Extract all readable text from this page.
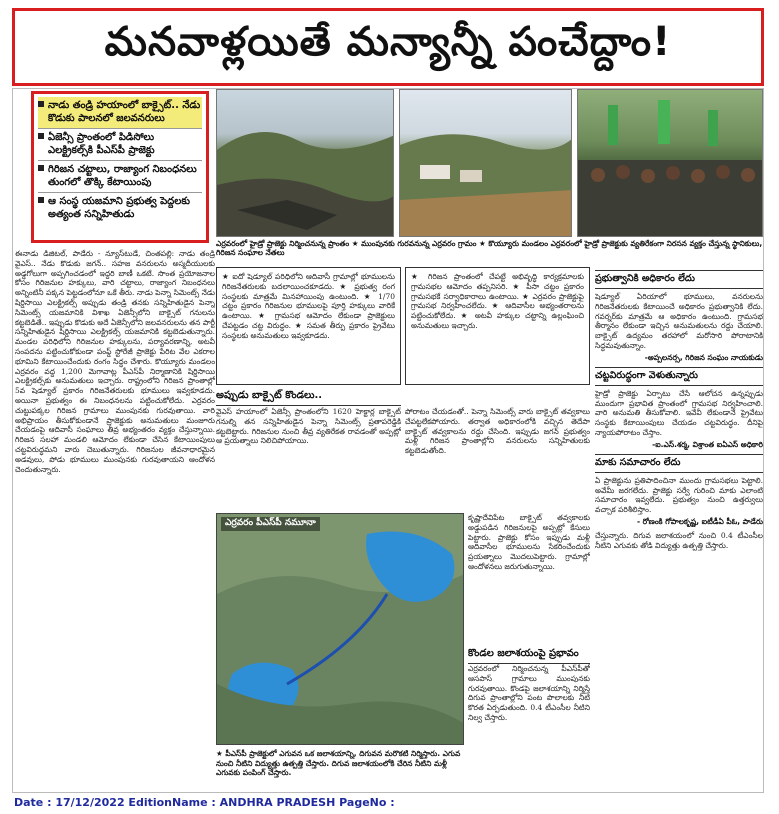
మనవాళ్లయితే మన్యాన్నీ పంచేద్దాం!
నాడు తండ్రి హయాంలో బాక్సైట్.. నేడు కొడుకు పాలనలో జలవనరులు
ఏజెన్సీ ప్రాంతంలో పిడిసోలు ఎలక్ట్రికల్స్‌కి పీఎస్‌పీ ప్రాజెక్టు
గిరిజన చట్టాలు, రాజ్యాంగ నిబంధనలు తుంగలో తొక్కి కేటాయింపు
ఆ సంస్థ యజమాని ప్రభుత్వ పెద్దలకు అత్యంత సన్నిహితుడు

ఈనాడు డిజిటల్, పాడేరు - న్యూస్‌టుడే, చింతపల్లి: నాడు తండ్రి వైఎస్‌.. నేడు కొడుకు జగన్‌.. సహజ వనరులను అస్మదీయులకు అడ్డగోలుగా అప్పగించడంలో ఇద్దరి బాణీ ఒకటే. సొంత ప్రయోజనాల కోసం గిరిజనుల హక్కులు, వారి చట్టాలు, రాజ్యాంగ నిబంధనలు అన్నింటినీ పక్కన పెట్టడంలోనూ ఒకే తీరు. నాడు పెన్నా సిమెంట్స్‌ నేడు షిర్డిసాయి ఎలక్ట్రికల్స్‌ అప్పుడు తండ్రి తనకు సన్నిహితుడైన పెన్నా సిమెంట్స్‌ యజమానికి విశాఖ ఏజెన్సీలోని బాక్సైట్ గనులను కట్టబెడితే.. ఇప్పుడు కొడుకు అదే ఏజెన్సీలోని జలవనరులను తన పార్టీ సన్నిహితుడైన షిర్డిసాయి ఎలక్ట్రికల్స్‌ యజమానికి కట్టబెడుతున్నారు. మండల పరిధిలోని గిరిజనుల హక్కులను, పర్యావరణాన్ని, అటవీ సంపదను పట్టించుకోకుండా పంప్డ్ స్టోరేజీ ప్రాజెక్టు పేరిట వేల ఎకరాల భూమిని కేటాయించేందుకు రంగం సిద్ధం చేశారు. కొయ్యూరు మండలం ఎర్రవరం వద్ద 1,200 మెగావాట్ల పీఎస్‌పీ నిర్మాణానికి షిర్డిసాయి ఎలక్ట్రికల్స్‌కు అనుమతులు ఇచ్చారు. రాష్ట్రంలోని గిరిజన ప్రాంతాల్లో 5వ షెడ్యూల్ ప్రకారం గిరిజనేతరులకు భూములు ఇవ్వకూడదు. అయినా ప్రభుత్వం ఈ నిబంధనలను పట్టించుకోలేదు. ఎర్రవరం చుట్టుపక్కల గిరిజన గ్రామాలు ముంపునకు గురవుతాయి. వారి అభిప్రాయం తీసుకోకుండానే ప్రాజెక్టుకు అనుమతులు మంజూరు చేయడంపై ఆదివాసీ సంఘాలు తీవ్ర అభ్యంతరం వ్యక్తం చేస్తున్నాయి. గిరిజన సలహా మండలి ఆమోదం లేకుండా చేసిన కేటాయింపులు చట్టవిరుద్ధమని వారు చెబుతున్నారు. గిరిజనుల జీవనాధారమైన అడవులు, పోడు భూములు ముంపునకు గురవుతాయని ఆందోళన చెందుతున్నారు.

ఎర్రవరంలో హైడ్రో ప్రాజెక్టు నిర్మించనున్న ప్రాంతం ★ ముంపునకు గురవనున్న ఎర్రవరం గ్రామం ★ కొయ్యూరు మండలం ఎర్రవరంలో హైడ్రో ప్రాజెక్టుకు వ్యతిరేకంగా నిరసన వ్యక్తం చేస్తున్న స్థానికులు, గిరిజన సంఘాల నేతలు

★ ఐదో షెడ్యూల్ పరిధిలోని ఆదివాసీ గ్రామాల్లో భూములను గిరిజనేతరులకు బదలాయించకూడదు. ★ ప్రభుత్వ రంగ సంస్థలకు మాత్రమే మినహాయింపు ఉంటుంది. ★ 1/70 చట్టం ప్రకారం గిరిజనుల భూములపై పూర్తి హక్కులు వారికే ఉంటాయి. ★ గ్రామసభ ఆమోదం లేకుండా ప్రాజెక్టులు చేపట్టడం చట్ట విరుద్ధం. ★ సమత తీర్పు ప్రకారం ప్రైవేటు సంస్థలకు అనుమతులు ఇవ్వకూడదు.

★ గిరిజన ప్రాంతంలో చేపట్టే అభివృద్ధి కార్యక్రమాలకు గ్రామసభల ఆమోదం తప్పనిసరి. ★ పీసా చట్టం ప్రకారం గ్రామసభకే సర్వాధికారాలు ఉంటాయి. ★ ఎర్రవరం ప్రాజెక్టుపై గ్రామసభ నిర్వహించలేదు. ★ ఆదివాసీల అభ్యంతరాలను పట్టించుకోలేదు. ★ అటవీ హక్కుల చట్టాన్ని ఉల్లంఘించి అనుమతులు ఇచ్చారు.

అప్పుడు బాక్సైట్ కొండలు..

వైఎస్‌ హయాంలో ఏజెన్సీ ప్రాంతంలోని 1620 హెక్టార్ల బాక్సైట్ గనుల్ని తన సన్నిహితుడైన పెన్నా సిమెంట్స్‌ ప్రతాపరెడ్డికి కట్టబెట్టారు. గిరిజనుల నుంచి తీవ్ర వ్యతిరేకత రావడంతో అప్పట్లో ఆ ప్రయత్నాలు నిలిచిపోయాయి.

పోరాటం చేయడంతో.. పెన్నా సిమెంట్స్‌ వారు బాక్సైట్ తవ్వకాలు చేపట్టలేకపోయారు. తర్వాత అధికారంలోకి వచ్చిన తెదేపా బాక్సైట్ తవ్వకాలను రద్దు చేసింది. ఇప్పుడు జగన్‌ ప్రభుత్వం మళ్లీ గిరిజన ప్రాంతాల్లోని వనరులను సన్నిహితులకు కట్టబెడుతోంది.

ఎర్రవరం పీఎస్‌పీ నమూనా
★ పీఎస్‌పీ ప్రాజెక్టులో ఎగువన ఒక జలాశయాన్ని, దిగువన మరొకటి నిర్మిస్తారు. ఎగువ నుంచి నీటిని విద్యుత్తు ఉత్పత్తి చేస్తారు. దిగువ జలాశయంలోకి చేరిన నీటిని మళ్లీ ఎగువకు పంపింగ్ చేస్తారు.

కృష్ణాదేవిపేట బాక్సైట్ తవ్వకాలకు అడ్డుపడిన గిరిజనులపై అప్పట్లో కేసులు పెట్టారు. ప్రాజెక్టు కోసం ఇప్పుడు మళ్లీ ఆదివాసీల భూములను సేకరించేందుకు ప్రయత్నాలు మొదలుపెట్టారు. గ్రామాల్లో ఆందోళనలు జరుగుతున్నాయి.

కొండల జలాశయంపై ప్రభావం

ఎర్రవరంలో నిర్మించనున్న పీఎస్‌పీతో ఆసపాస్ గ్రామాలు ముంపునకు గురవుతాయి. కొండపై జలాశయాన్ని నిర్మిస్తే దిగువ ప్రాంతాల్లోని పంట పొలాలకు నీటి కొరత ఏర్పడుతుంది. 0.4 టీఎంసీల నీటిని నిల్వ చేస్తారు.

ప్రభుత్వానికి అధికారం లేదు

షెడ్యూల్ ఏరియాలో భూములు, వనరులను గిరిజనేతరులకు కేటాయించే అధికారం ప్రభుత్వానికి లేదు. గవర్నర్‌కు మాత్రమే ఆ అధికారం ఉంటుంది. గ్రామసభ తీర్మానం లేకుండా ఇచ్చిన అనుమతులను రద్దు చేయాలి. బాక్సైట్ ఉద్యమం తరహాలో మరోసారి పోరాటానికి సిద్ధమవుతున్నాం.

-అప్పలనర్స, గిరిజన సంఘం నాయకుడు
చట్టవిరుద్ధంగా వెళుతున్నారు

హైడ్రో ప్రాజెక్టు ఏర్పాటు చేసే ఆలోచన ఉన్నప్పుడు ముందుగా ప్రభావిత ప్రాంతంలో గ్రామసభ నిర్వహించాలి. వారి అనుమతి తీసుకోవాలి. ఇవేవీ లేకుండానే ప్రైవేటు సంస్థకు కేటాయింపులు చేయడం చట్టవిరుద్ధం. దీనిపై న్యాయపోరాటం చేస్తాం.

-ఐ.ఎస్‌.శర్మ, విశ్రాంత ఐఏఎస్‌ అధికారి
మాకు సమాచారం లేదు

ఏ ప్రాజెక్టును ప్రతిపాదించినా ముందు గ్రామసభలు పెట్టాలి. అవేమీ జరగలేదు. ప్రాజెక్టు సర్వే గురించి మాకు ఎలాంటి సమాచారం ఇవ్వలేదు. ప్రభుత్వం నుంచి ఉత్తర్వులు వచ్చాక పరిశీలిస్తాం.

- రోణంకి గోపాలకృష్ణ, ఐటీడీఏ పీఓ, పాడేరు

చేస్తున్నారు. దిగువ జలాశయంలో నుంచి 0.4 టీఎంసీల నీటిని ఎగువకు తోడి విద్యుత్తు ఉత్పత్తి చేస్తారు.

Date : 17/12/2022 EditionName : ANDHRA PRADESH PageNo :
